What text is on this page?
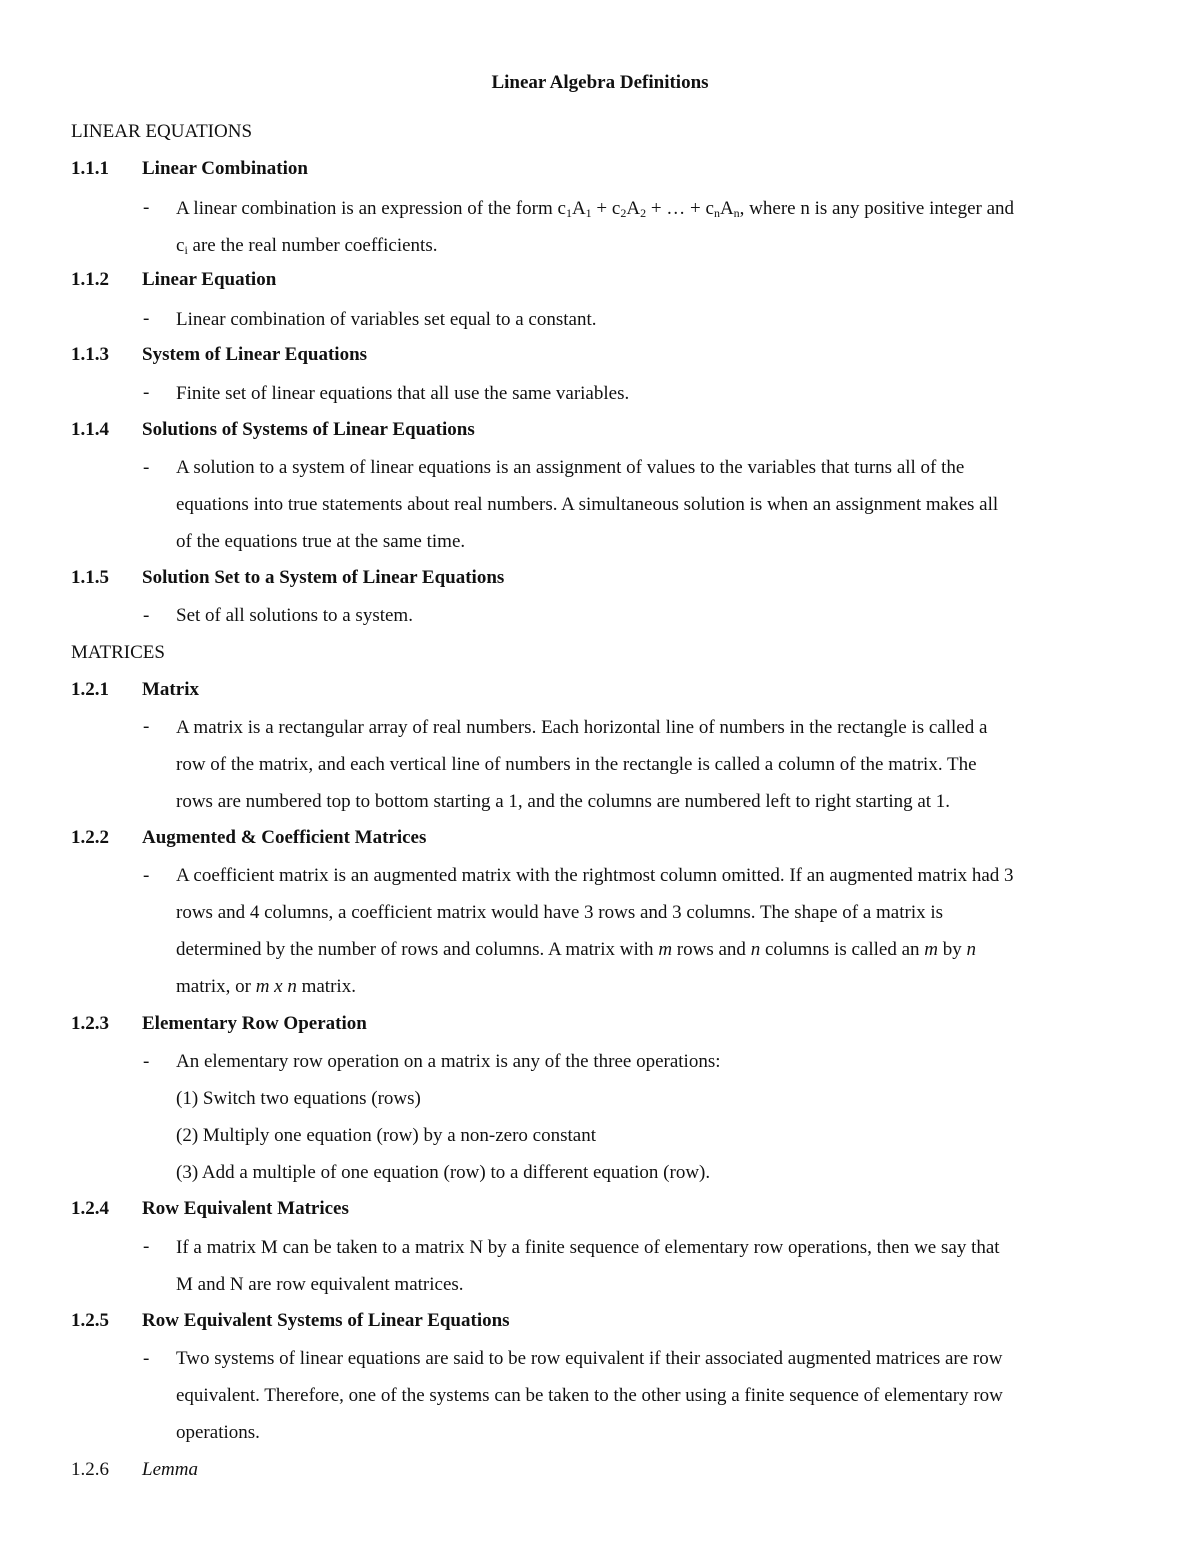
Linear Algebra Definitions
LINEAR EQUATIONS
1.1.1 Linear Combination
- A linear combination is an expression of the form $c_1A_1 + c_2A_2$ + … + $c_nA_n$, where n is any positive integer and
$c_i$ are the real number coefficients.
1.1.2 Linear Equation
- Linear combination of variables set equal to a constant.
1.1.3 System of Linear Equations
- Finite set of linear equations that all use the same variables.
1.1.4 Solutions of Systems of Linear Equations
- A solution to a system of linear equations is an assignment of values to the variables that turns all of the
equations into true statements about real numbers. A simultaneous solution is when an assignment makes all
of the equations true at the same time.
1.1.5 Solution Set to a System of Linear Equations
- Set of all solutions to a system.
MATRICES
1.2.1 Matrix
- A matrix is a rectangular array of real numbers. Each horizontal line of numbers in the rectangle is called a
row of the matrix, and each vertical line of numbers in the rectangle is called a column of the matrix. The
rows are numbered top to bottom starting a 1, and the columns are numbered left to right starting at 1.
1.2.2 Augmented & Coefficient Matrices
- A coefficient matrix is an augmented matrix with the rightmost column omitted. If an augmented matrix had 3
rows and 4 columns, a coefficient matrix would have 3 rows and 3 columns. The shape of a matrix is
determined by the number of rows and columns. A matrix with m rows and n columns is called an m by n
matrix, or m x n matrix.
1.2.3 Elementary Row Operation
- An elementary row operation on a matrix is any of the three operations:
(1) Switch two equations (rows)
(2) Multiply one equation (row) by a non-zero constant
(3) Add a multiple of one equation (row) to a different equation (row).
1.2.4 Row Equivalent Matrices
- If a matrix M can be taken to a matrix N by a finite sequence of elementary row operations, then we say that
M and N are row equivalent matrices.
1.2.5 Row Equivalent Systems of Linear Equations
- Two systems of linear equations are said to be row equivalent if their associated augmented matrices are row
equivalent. Therefore, one of the systems can be taken to the other using a finite sequence of elementary row
operations.
1.2.6 Lemma
